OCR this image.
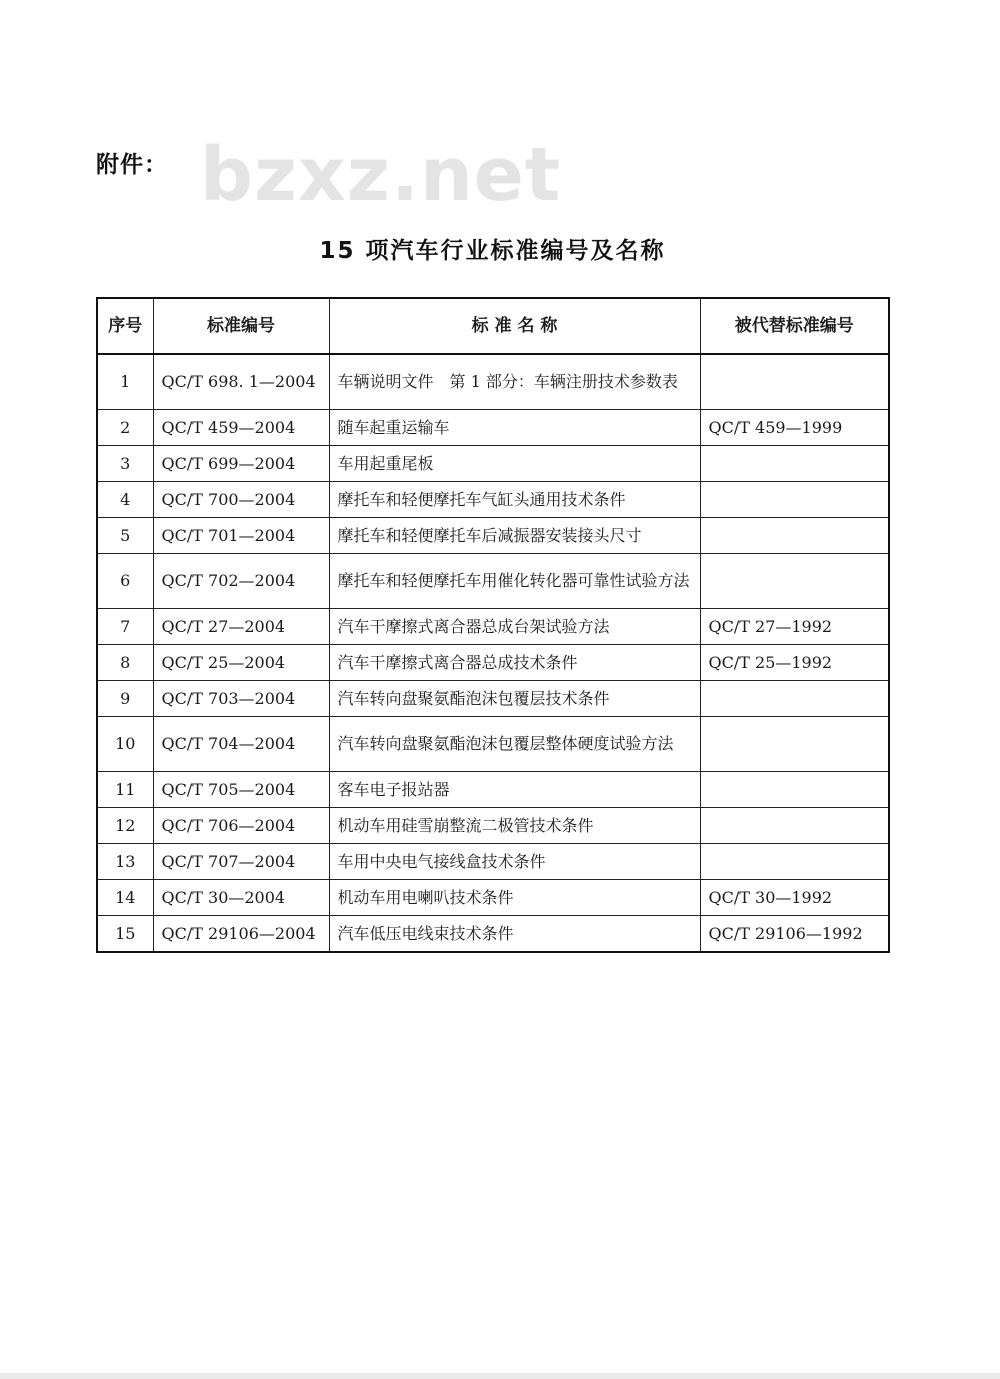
附件： bzxz.net
15 项汽车行业标准编号及名称
序号	标准编号	标 准 名 称	被代替标准编号
1	QC/T 698. 1—2004	车辆说明文件　第 1 部分：车辆注册技术参数表	
2	QC/T 459—2004	随车起重运输车	QC/T 459—1999
3	QC/T 699—2004	车用起重尾板	
4	QC/T 700—2004	摩托车和轻便摩托车气缸头通用技术条件	
5	QC/T 701—2004	摩托车和轻便摩托车后减振器安装接头尺寸	
6	QC/T 702—2004	摩托车和轻便摩托车用催化转化器可靠性试验方法	
7	QC/T 27—2004	汽车干摩擦式离合器总成台架试验方法	QC/T 27—1992
8	QC/T 25—2004	汽车干摩擦式离合器总成技术条件	QC/T 25—1992
9	QC/T 703—2004	汽车转向盘聚氨酯泡沫包覆层技术条件	
10	QC/T 704—2004	汽车转向盘聚氨酯泡沫包覆层整体硬度试验方法	
11	QC/T 705—2004	客车电子报站器	
12	QC/T 706—2004	机动车用硅雪崩整流二极管技术条件	
13	QC/T 707—2004	车用中央电气接线盒技术条件	
14	QC/T 30—2004	机动车用电喇叭技术条件	QC/T 30—1992
15	QC/T 29106—2004	汽车低压电线束技术条件	QC/T 29106—1992
